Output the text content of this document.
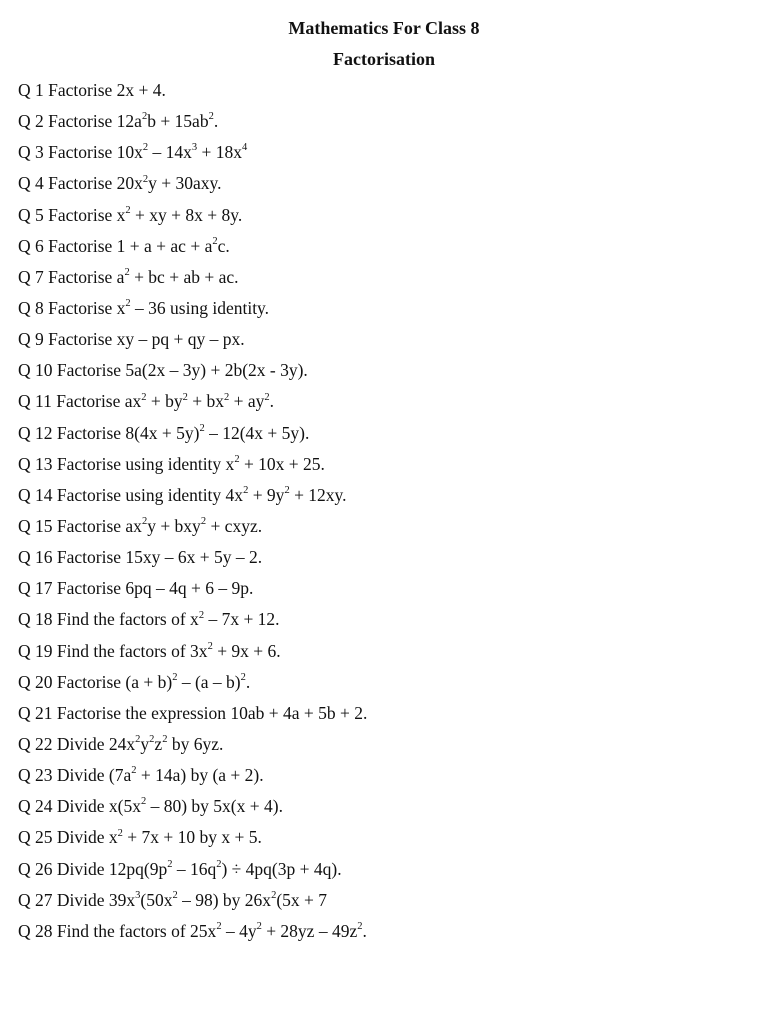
Mathematics For Class 8
Factorisation
Q 1 Factorise 2x + 4.
Q 2 Factorise $12a^2b + 15ab^2$.
Q 3 Factorise $10x^2 - 14x^3 + 18x^4$
Q 4 Factorise $20x^2y + 30axy$.
Q 5 Factorise $x^2$ + xy + 8x + 8y.
Q 6 Factorise 1 + a + ac + $a^2c$.
Q 7 Factorise $a^2$ + bc + ab + ac.
Q 8 Factorise $x^2 - 36$ using identity.
Q 9 Factorise xy – pq + qy – px.
Q 10 Factorise 5a(2x – 3y) + 2b(2x - 3y).
Q 11 Factorise $ax^2 + by^2 + bx^2 + ay^2$.
Q 12 Factorise $8(4x + 5y)^2 - 12(4x + 5y)$.
Q 13 Factorise using identity $x^2 + 10x + 25$.
Q 14 Factorise using identity $4x^2 + 9y^2 + 12xy$.
Q 15 Factorise $ax^2y + bxy^2$ + cxyz.
Q 16 Factorise 15xy – 6x + 5y – 2.
Q 17 Factorise 6pq – 4q + 6 – 9p.
Q 18 Find the factors of $x^2 - 7x + 12$.
Q 19 Find the factors of $3x^2 + 9x + 6$.
Q 20 Factorise $(a + b)^2 - (a - b)^2$.
Q 21 Factorise the expression 10ab + 4a + 5b + 2.
Q 22 Divide $24x^2y^2z^2$ by 6yz.
Q 23 Divide $(7a^2 + 14a)$ by (a + 2).
Q 24 Divide $x(5x^2 - 80)$ by 5x(x + 4).
Q 25 Divide $x^2 + 7x + 10$ by x + 5.
Q 26 Divide $12pq(9p^2 - 16q^2) \div 4pq(3p + 4q)$.
Q 27 Divide $39x^3(50x^2 - 98)$ by $26x^2(5x + 7$
Q 28 Find the factors of $25x^2 - 4y^2 + 28yz - 49z^2$.
